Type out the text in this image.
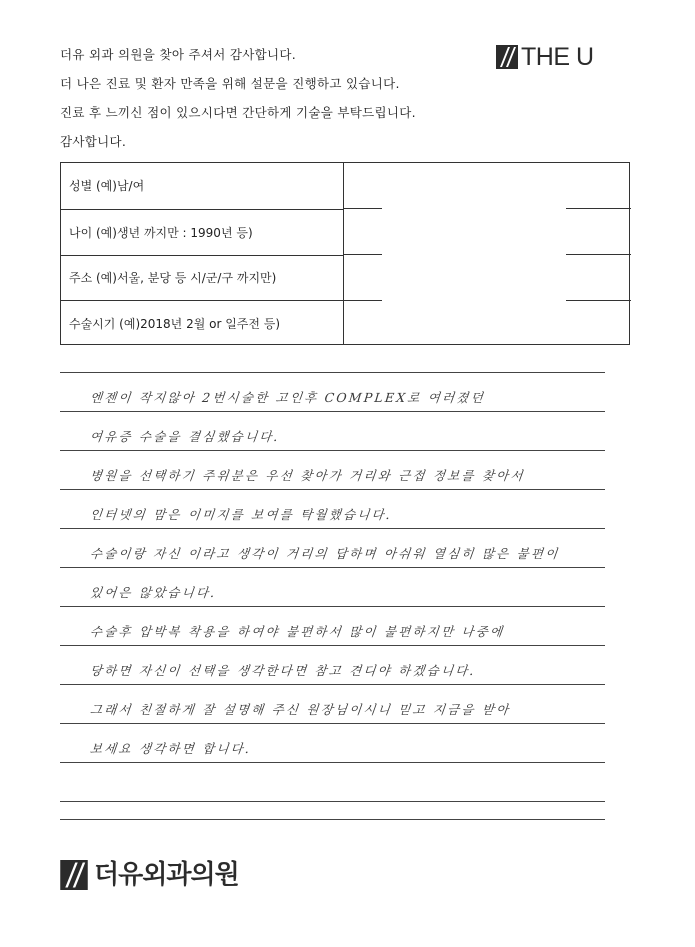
더유 외과 의원을 찾아 주셔서 감사합니다.
더 나은 진료 및 환자 만족을 위해 설문을 진행하고 있습니다.
진료 후 느끼신 점이 있으시다면 간단하게 기술을 부탁드립니다.
감사합니다.
THE U
성별 (예)남/여
나이 (예)생년 까지만 : 1990년 등)
주소 (예)서울, 분당 등 시/군/구 까지만)
수술시기 (예)2018년 2월 or 일주전 등)
엔젠이 작지않아 2번시술한 고인후 COMPLEX로 여러졌던
여유증 수술을 결심했습니다.
병원을 선택하기 주위분은 우선 찾아가 거리와 근접 정보를 찾아서
인터넷의 맘은 이미지를 보여를 탁월했습니다.
수술이랑 자신 이라고 생각이 거리의 답하며 아쉬워 열심히 많은 불편이
있어은 않았습니다.
수술후 압박복 착용을 하여야 불편하서 많이 불편하지만 나중에
당하면 자신이 선택을 생각한다면 참고 견디야 하겠습니다.
그래서 친절하게 잘 설명해 주신 원장님이시니 믿고 지금을 받아
보세요 생각하면 합니다.
더유외과의원
